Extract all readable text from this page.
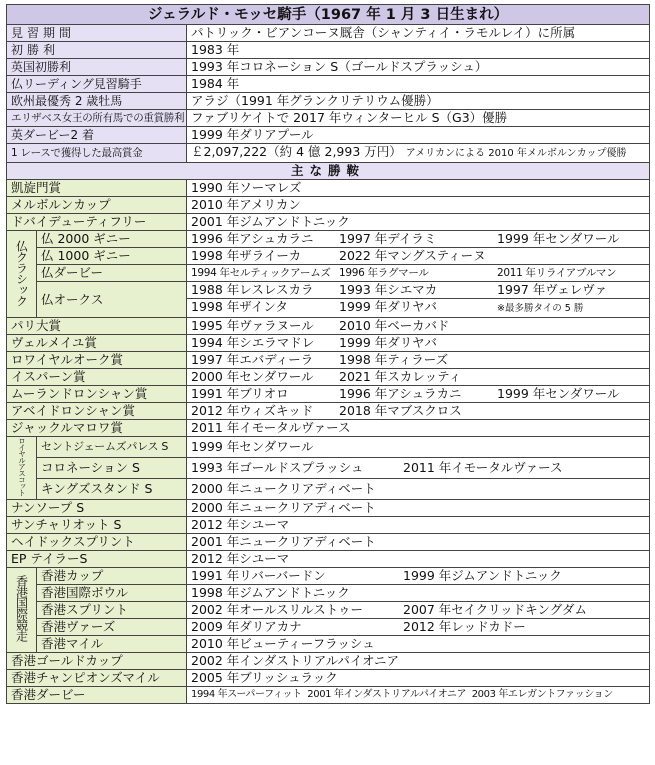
ジェラルド・モッセ騎手（1967 年 1 月 3 日生まれ）		
見習期間		パトリック・ビアンコーヌ厩舎（シャンティイ・ラモルレイ）に所属
初勝利		1983 年
英国初勝利		1993 年コロネーション S（ゴールドスプラッシュ）
仏リーディング見習騎手		1984 年
欧州最優秀 2 歳牡馬		アラジ（1991 年グランクリテリウム優勝）
エリザベス女王の所有馬での重賞勝利		ファブリケイトで 2017 年ウィンターヒル S（G3）優勝
英ダービー2 着		1999 年ダリアプール
1 レースで獲得した最高賞金		￡2,097,222（約 4 億 2,993 万円） アメリカンによる 2010 年メルボルンカップ優勝
主な勝鞍		
凱旋門賞		1990 年ソーマレズ
メルボルンカップ		2010 年アメリカン
ドバイデューティフリー		2001 年ジムアンドトニック
仏クラシック	仏 2000 ギニー	1996 年アシュカラニ 1997 年デイラミ 1999 年センダワール
	仏 1000 ギニー	1998 年ザライーカ 2022 年マングスティーヌ
	仏ダービー	1994 年セルティックアームズ 1996 年ラグマール 2011 年リライアブルマン
	仏オークス	1988 年レスレスカラ 1993 年シエマカ 1997 年ヴェレヴァ
		1998 年ザインタ 1999 年ダリヤバ ※最多勝タイの 5 勝
パリ大賞		1995 年ヴァラヌール 2010 年ベーカバド
ヴェルメイユ賞		1994 年シエラマドレ 1999 年ダリヤバ
ロワイヤルオーク賞		1997 年エバディーラ 1998 年ティラーズ
イスパーン賞		2000 年センダワール 2021 年スカレッティ
ムーランドロンシャン賞		1991 年ブリオロ 1996 年アシュラカニ 1999 年センダワール
アベイドロンシャン賞		2012 年ウィズキッド 2018 年マブスクロス
ジャックルマロワ賞		2011 年イモータルヴァース
ロイヤルアスコット	セントジェームズパレス S	1999 年センダワール
	コロネーション S	1993 年ゴールドスプラッシュ 2011 年イモータルヴァース
	キングズスタンド S	2000 年ニュークリアディベート
ナンソープ S		2000 年ニュークリアディベート
サンチャリオット S		2012 年シユーマ
ヘイドックスプリント		2001 年ニュークリアディベート
EP テイラーS		2012 年シユーマ
香港国際競走	香港カップ	1991 年リバーバードン 1999 年ジムアンドトニック
	香港国際ボウル	1998 年ジムアンドトニック
	香港スプリント	2002 年オールスリルストゥー 2007 年セイクリッドキングダム
	香港ヴァーズ	2009 年ダリアカナ 2012 年レッドカドー
	香港マイル	2010 年ビューティーフラッシュ
香港ゴールドカップ		2002 年インダストリアルパイオニア
香港チャンピオンズマイル		2005 年ブリッシュラック
香港ダービー		1994 年スーパーフィット 2001 年インダストリアルパイオニア 2003 年エレガントファッション
